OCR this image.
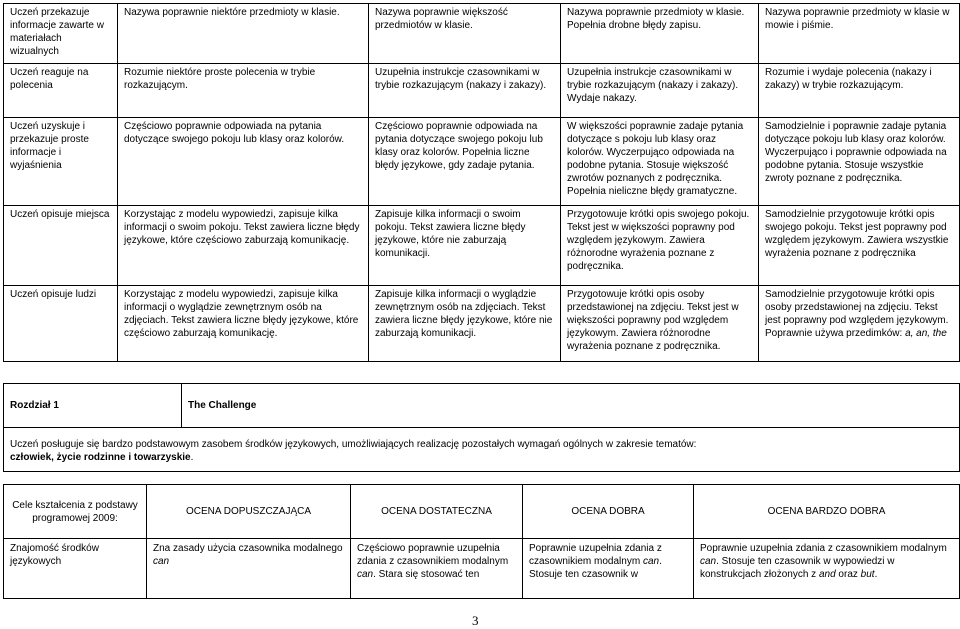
Uczeń przekazuje informacje zawarte w materiałach wizualnych	Nazywa poprawnie niektóre przedmioty w klasie.	Nazywa poprawnie większość przedmiotów w klasie.	Nazywa poprawnie przedmioty w klasie. Popełnia drobne błędy zapisu.	Nazywa poprawnie przedmioty w klasie w mowie i piśmie.
Uczeń reaguje na polecenia	Rozumie niektóre proste polecenia w trybie rozkazującym.	Uzupełnia instrukcje czasownikami w trybie rozkazującym (nakazy i zakazy).	Uzupełnia instrukcje czasownikami w trybie rozkazującym (nakazy i zakazy). Wydaje nakazy.	Rozumie i wydaje polecenia (nakazy i zakazy) w trybie rozkazującym.
Uczeń uzyskuje i przekazuje proste informacje i wyjaśnienia	Częściowo poprawnie odpowiada na pytania dotyczące swojego pokoju lub klasy oraz kolorów.	Częściowo poprawnie odpowiada na pytania dotyczące swojego pokoju lub klasy oraz kolorów. Popełnia liczne błędy językowe, gdy zadaje pytania.	W większości poprawnie zadaje pytania dotyczące s pokoju lub klasy oraz kolorów. Wyczerpująco odpowiada na podobne pytania. Stosuje większość zwrotów poznanych z podręcznika. Popełnia nieliczne błędy gramatyczne.	Samodzielnie i poprawnie zadaje pytania dotyczące pokoju lub klasy oraz kolorów. Wyczerpująco i poprawnie odpowiada na podobne pytania. Stosuje wszystkie zwroty poznane z podręcznika.
Uczeń opisuje miejsca	Korzystając z modelu wypowiedzi, zapisuje kilka informacji o swoim pokoju. Tekst zawiera liczne błędy językowe, które częściowo zaburzają komunikację.	Zapisuje kilka informacji o swoim pokoju. Tekst zawiera liczne błędy językowe, które nie zaburzają komunikacji.	Przygotowuje krótki opis swojego pokoju. Tekst jest w większości poprawny pod względem językowym. Zawiera różnorodne wyrażenia poznane z podręcznika.	Samodzielnie przygotowuje krótki opis swojego pokoju. Tekst jest poprawny pod względem językowym. Zawiera wszystkie wyrażenia poznane z podręcznika
Uczeń opisuje ludzi	Korzystając z modelu wypowiedzi, zapisuje kilka informacji o wyglądzie zewnętrznym osób na zdjęciach. Tekst zawiera liczne błędy językowe, które częściowo zaburzają komunikację.	Zapisuje kilka informacji o wyglądzie zewnętrznym osób na zdjęciach. Tekst zawiera liczne błędy językowe, które nie zaburzają komunikacji.	Przygotowuje krótki opis osoby przedstawionej na zdjęciu. Tekst jest w większości poprawny pod względem językowym. Zawiera różnorodne wyrażenia poznane z podręcznika.	Samodzielnie przygotowuje krótki opis osoby przedstawionej na zdjęciu. Tekst jest poprawny pod względem językowym. Poprawnie używa przedimków: a, an, the
Rozdział 1	The Challenge
Uczeń posługuje się bardzo podstawowym zasobem środków językowych, umożliwiających realizację pozostałych wymagań ogólnych w zakresie tematów:
człowiek, życie rodzinne i towarzyskie.
Cele kształcenia z podstawy programowej 2009:	OCENA DOPUSZCZAJĄCA	OCENA DOSTATECZNA	OCENA DOBRA	OCENA BARDZO DOBRA
Znajomość środków językowych	Zna zasady użycia czasownika modalnego can	Częściowo poprawnie uzupełnia zdania z czasownikiem modalnym can. Stara się stosować ten	Poprawnie uzupełnia zdania z czasownikiem modalnym can. Stosuje ten czasownik w	Poprawnie uzupełnia zdania z czasownikiem modalnym can. Stosuje ten czasownik w wypowiedzi w konstrukcjach złożonych z and oraz but.
3
